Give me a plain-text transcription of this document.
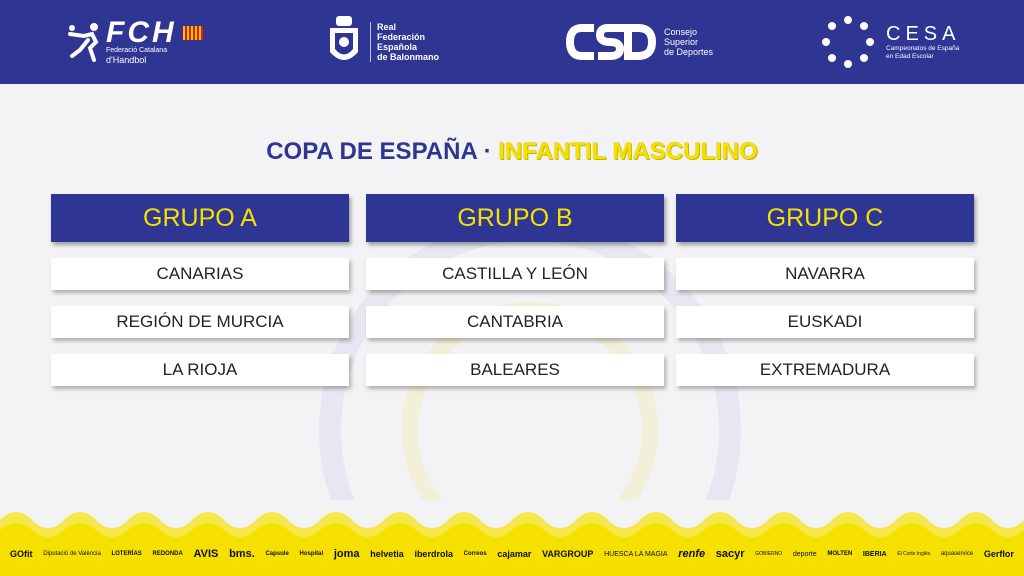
FCH
Federació Catalana
d'Handbol
Real
Federación
Española
de Balonmano
Consejo
Superior
de Deportes
CESA
Campeonatos de España
en Edad Escolar
COPA DE ESPAÑA · INFANTIL MASCULINO
GRUPO A
CANARIAS
REGIÓN DE MURCIA
LA RIOJA
GRUPO B
CASTILLA Y LEÓN
CANTABRIA
BALEARES
GRUPO C
NAVARRA
EUSKADI
EXTREMADURA
GOfit Diputació de València LOTERÍAS REDONDA AVIS bms. Capsule Hospital joma helvetia iberdrola Correos cajamar VARGROUP HUESCA LA MAGIA renfe sacyr GOBIERNO deporte MOLTEN IBERIA El Corte Inglés aquaservice Gerflor
